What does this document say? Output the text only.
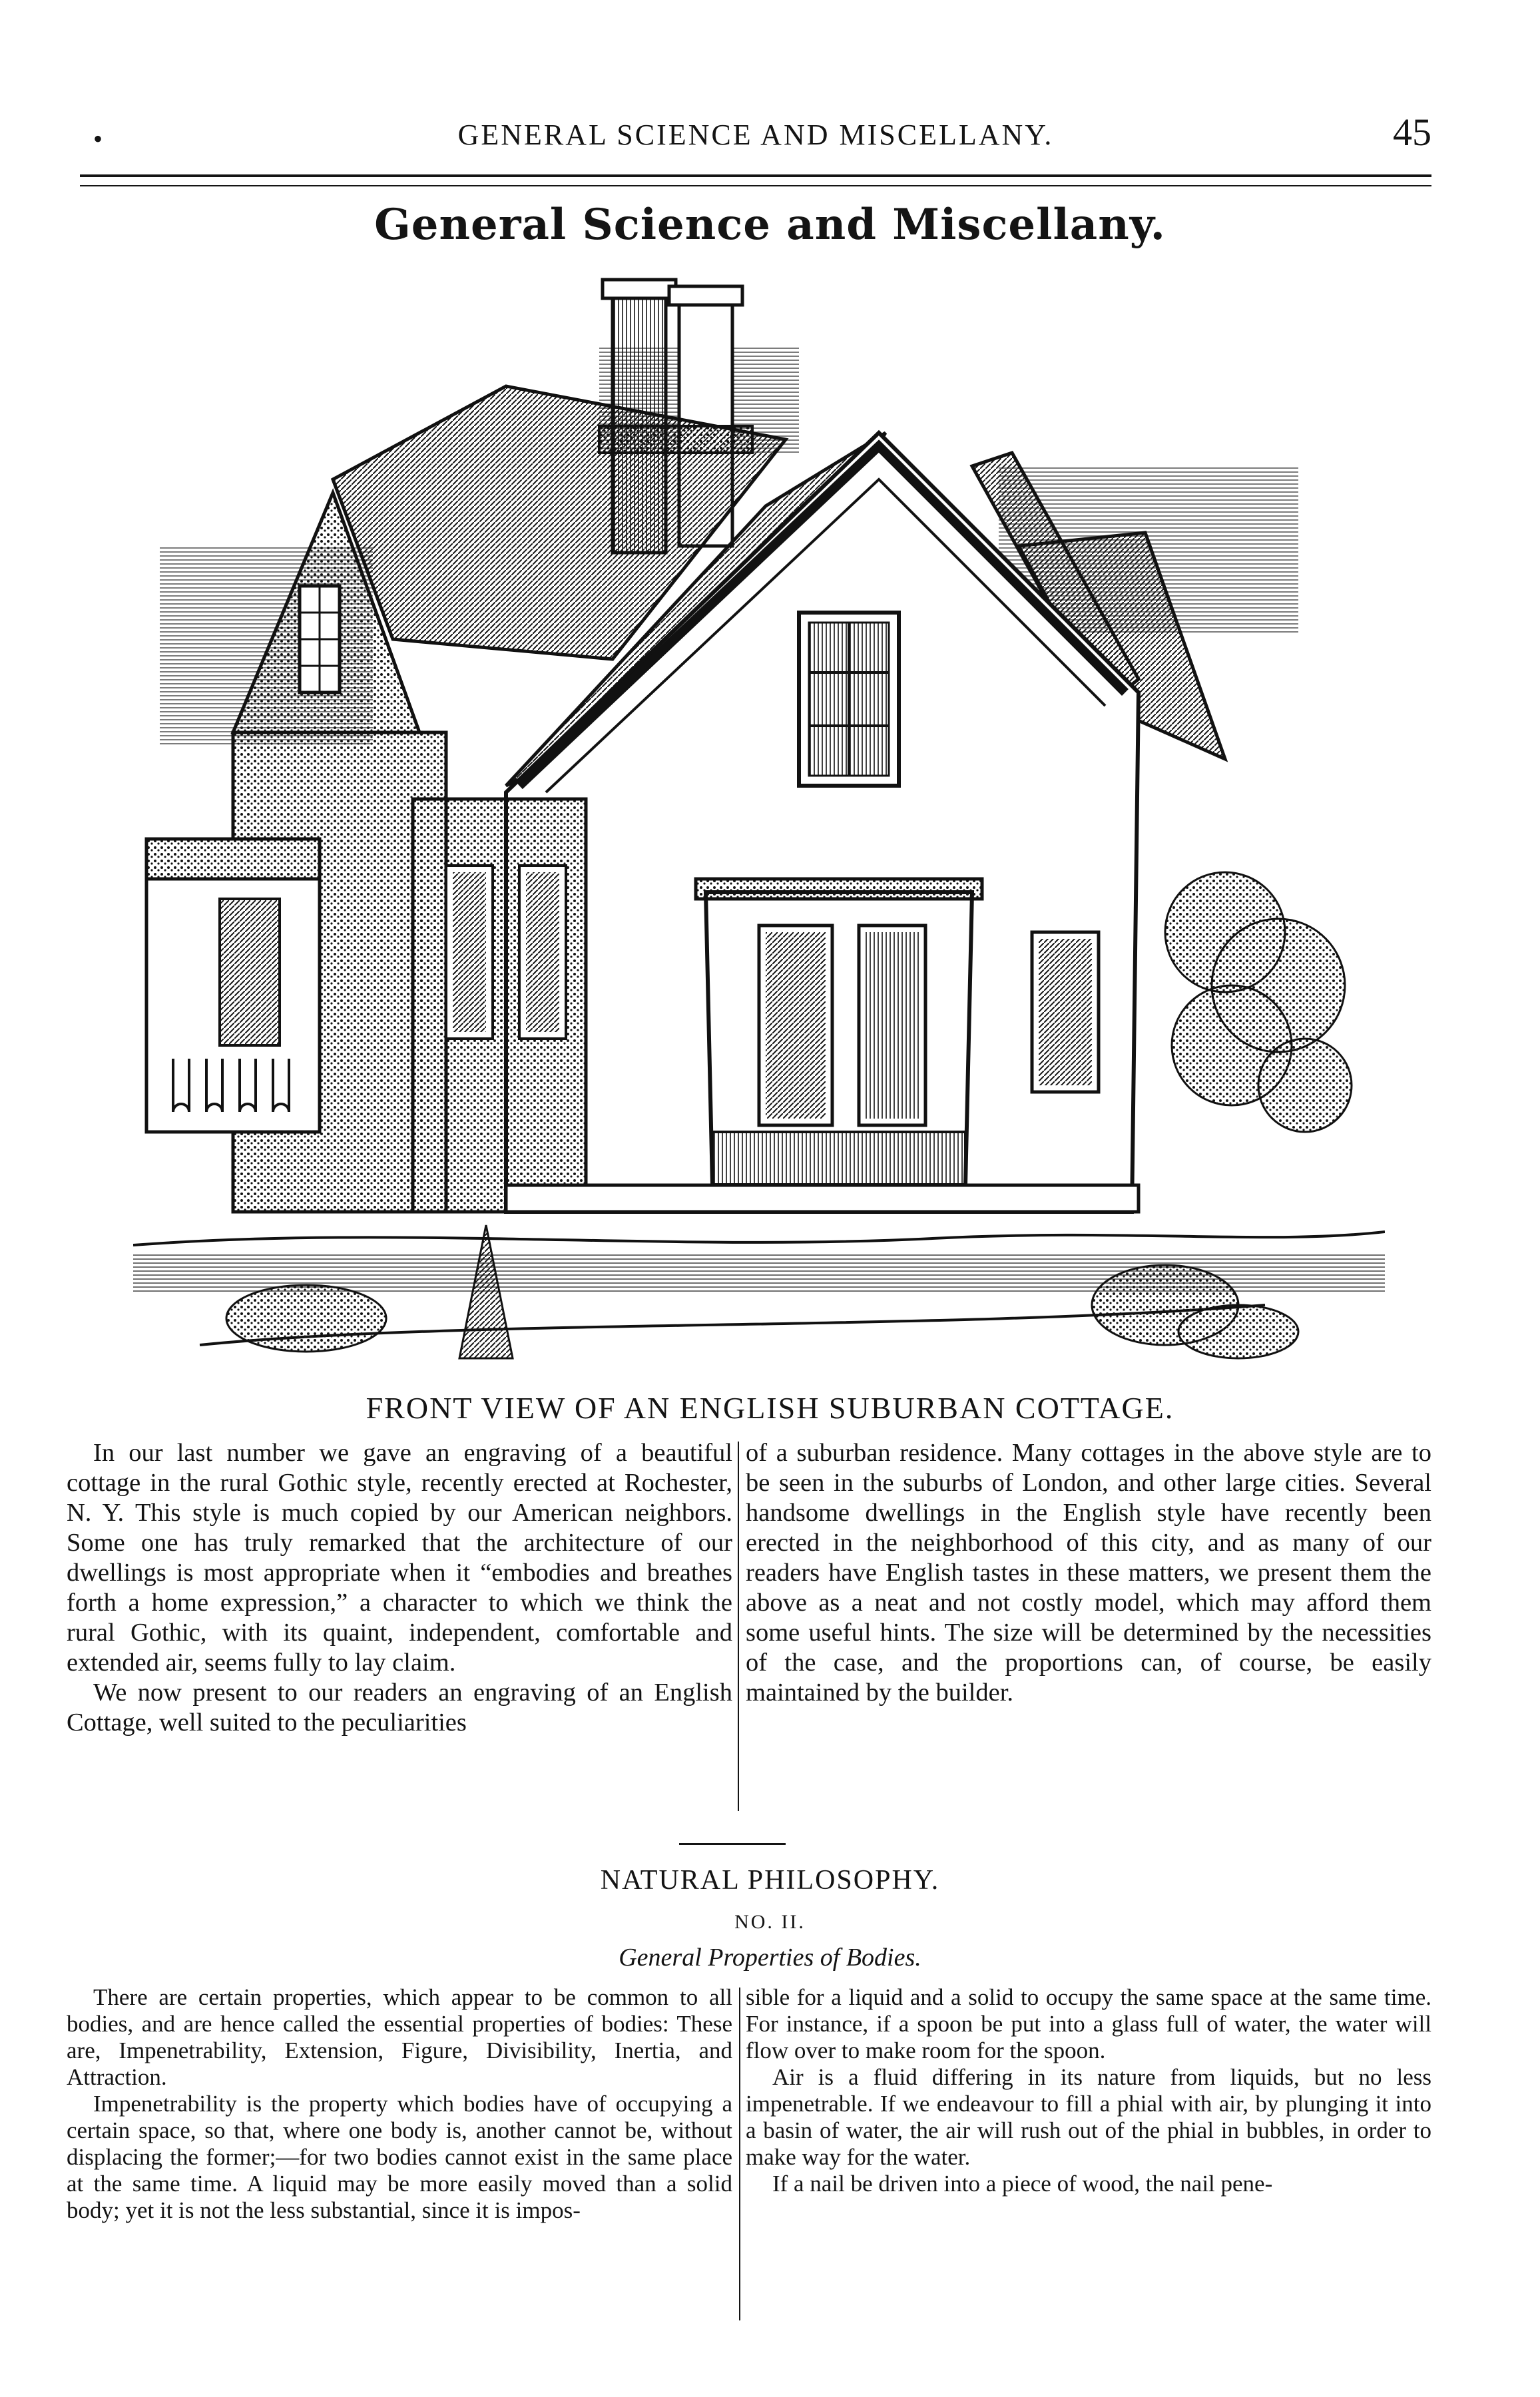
•	GENERAL SCIENCE AND MISCELLANY.	45
General Science and Miscellany.
FRONT VIEW OF AN ENGLISH SUBURBAN COTTAGE.

In our last number we gave an engraving of a beautiful cottage in the rural Gothic style, recently erected at Rochester, N. Y. This style is much copied by our American neighbors. Some one has truly remarked that the architecture of our dwellings is most appropriate when it “embodies and breathes forth a home expression,” a character to which we think the rural Gothic, with its quaint, independent, comfortable and extended air, seems fully to lay claim.

We now present to our readers an engraving of an English Cottage, well suited to the peculiarities

of a suburban residence. Many cottages in the above style are to be seen in the suburbs of London, and other large cities. Several handsome dwellings in the English style have recently been erected in the neighborhood of this city, and as many of our readers have English tastes in these matters, we present them the above as a neat and not costly model, which may afford them some useful hints. The size will be determined by the necessities of the case, and the proportions can, of course, be easily maintained by the builder.

NATURAL PHILOSOPHY.
NO. II.
General Properties of Bodies.

There are certain properties, which appear to be common to all bodies, and are hence called the essential properties of bodies: These are, Impenetrability, Extension, Figure, Divisibility, Inertia, and Attraction.

Impenetrability is the property which bodies have of occupying a certain space, so that, where one body is, another cannot be, without displacing the former;—for two bodies cannot exist in the same place at the same time. A liquid may be more easily moved than a solid body; yet it is not the less substantial, since it is impos-

sible for a liquid and a solid to occupy the same space at the same time. For instance, if a spoon be put into a glass full of water, the water will flow over to make room for the spoon.

Air is a fluid differing in its nature from liquids, but no less impenetrable. If we endeavour to fill a phial with air, by plunging it into a basin of water, the air will rush out of the phial in bubbles, in order to make way for the water.

If a nail be driven into a piece of wood, the nail pene-
